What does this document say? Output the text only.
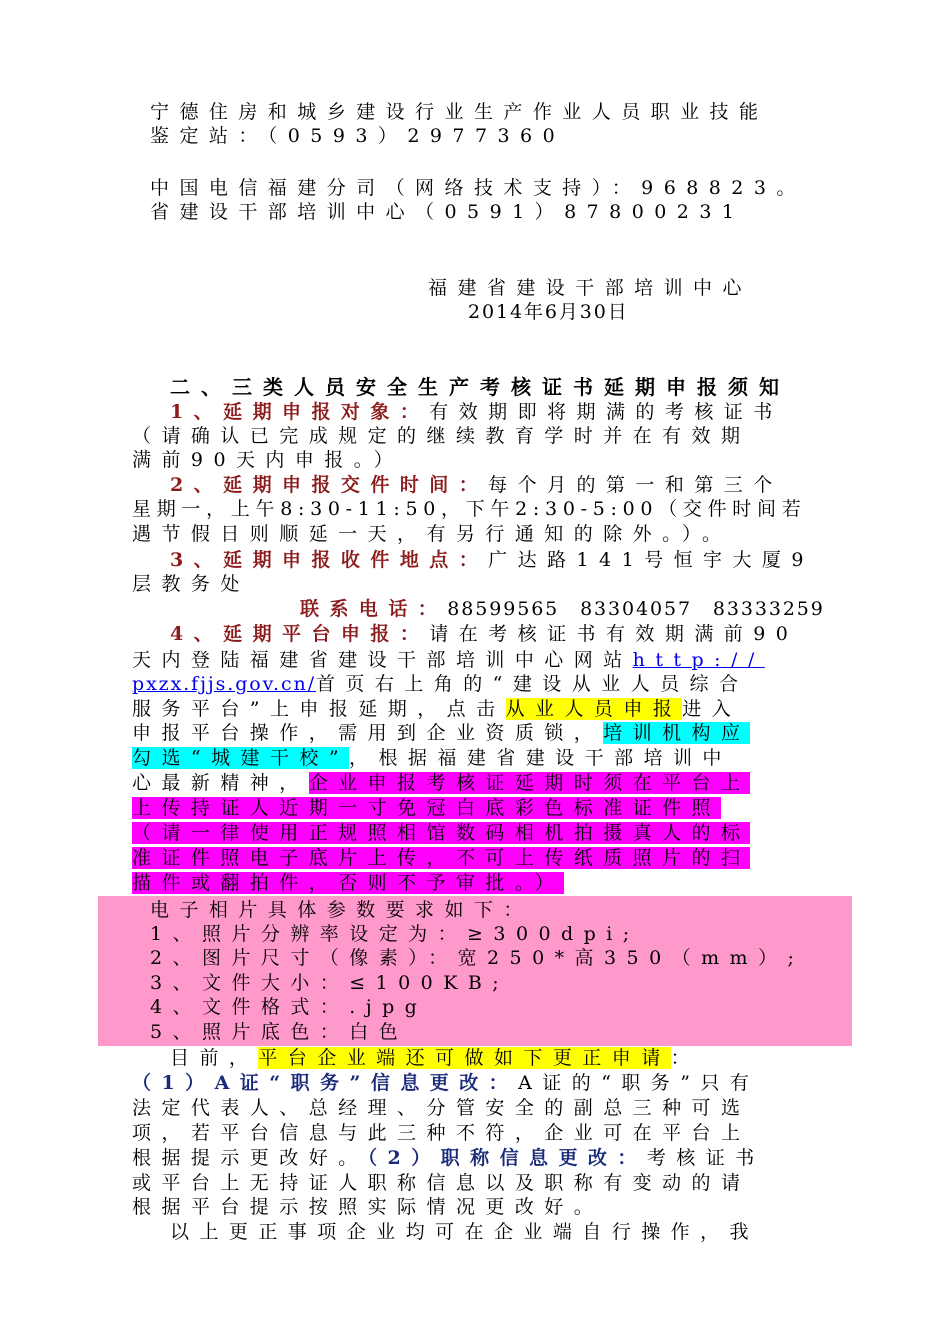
宁德住房和城乡建设行业生产作业人员职业技能
鉴定站：（0593）2977360
中国电信福建分司（网络技术支持）：968823。
省建设干部培训中心（0591）87800231
福建省建设干部培训中心
2014年6月30日
二、三类人员安全生产考核证书延期申报须知
1、延期申报对象：有效期即将期满的考核证书
（请确认已完成规定的继续教育学时并在有效期
满前90天内申报。）
2、延期申报交件时间：每个月的第一和第三个
星期一，上午8:30-11:50，下午2:30-5:00（交件时间若
遇节假日则顺延一天，有另行通知的除外。）。
3、延期申报收件地点：广达路141号恒宇大厦9
层教务处
联系电话：88599565　83304057　83333259
4、延期平台申报：请在考核证书有效期满前90
天内登陆福建省建设干部培训中心网站http://
pxzx.fjjs.gov.cn/首页右上角的“建设从业人员综合
服务平台”上申报延期，点击从业人员申报进入
申报平台操作，需用到企业资质锁，培训机构应
勾选“城建干校”，根据福建省建设干部培训中
心最新精神，企业申报考核证延期时须在平台上
上传持证人近期一寸免冠白底彩色标准证件照
（请一律使用正规照相馆数码相机拍摄真人的标
准证件照电子底片上传，不可上传纸质照片的扫
描件或翻拍件，否则不予审批。）
电子相片具体参数要求如下：
1、照片分辨率设定为：≥300dpi;
2、图片尺寸（像素）：宽250*高350（mm）;
3、文件大小：≤100KB;
4、文件格式：.jpg
5、照片底色：白色
目前，平台企业端还可做如下更正申请：
（1）A证“职务”信息更改：A证的“职务”只有
法定代表人、总经理、分管安全的副总三种可选
项，若平台信息与此三种不符，企业可在平台上
根据提示更改好。（2）职称信息更改：考核证书
或平台上无持证人职称信息以及职称有变动的请
根据平台提示按照实际情况更改好。
以上更正事项企业均可在企业端自行操作，我
